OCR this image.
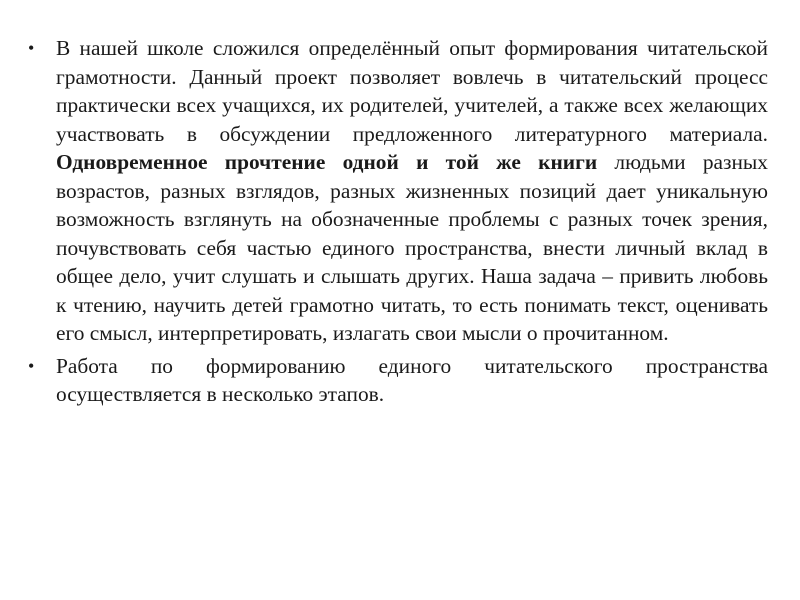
• В нашей школе сложился определённый опыт формирования читательской грамотности. Данный проект позволяет вовлечь в читательский процесс практически всех учащихся, их родителей, учителей, а также всех желающих участвовать в обсуждении предложенного литературного материала. Одновременное прочтение одной и той же книги людьми разных возрастов, разных взглядов, разных жизненных позиций дает уникальную возможность взглянуть на обозначенные проблемы с разных точек зрения, почувствовать себя частью единого пространства, внести личный вклад в общее дело, учит слушать и слышать других. Наша задача – привить любовь к чтению, научить детей грамотно читать, то есть понимать текст, оценивать его смысл, интерпретировать, излагать свои мысли о прочитанном.
• Работа по формированию единого читательского пространства осуществляется в несколько этапов.
